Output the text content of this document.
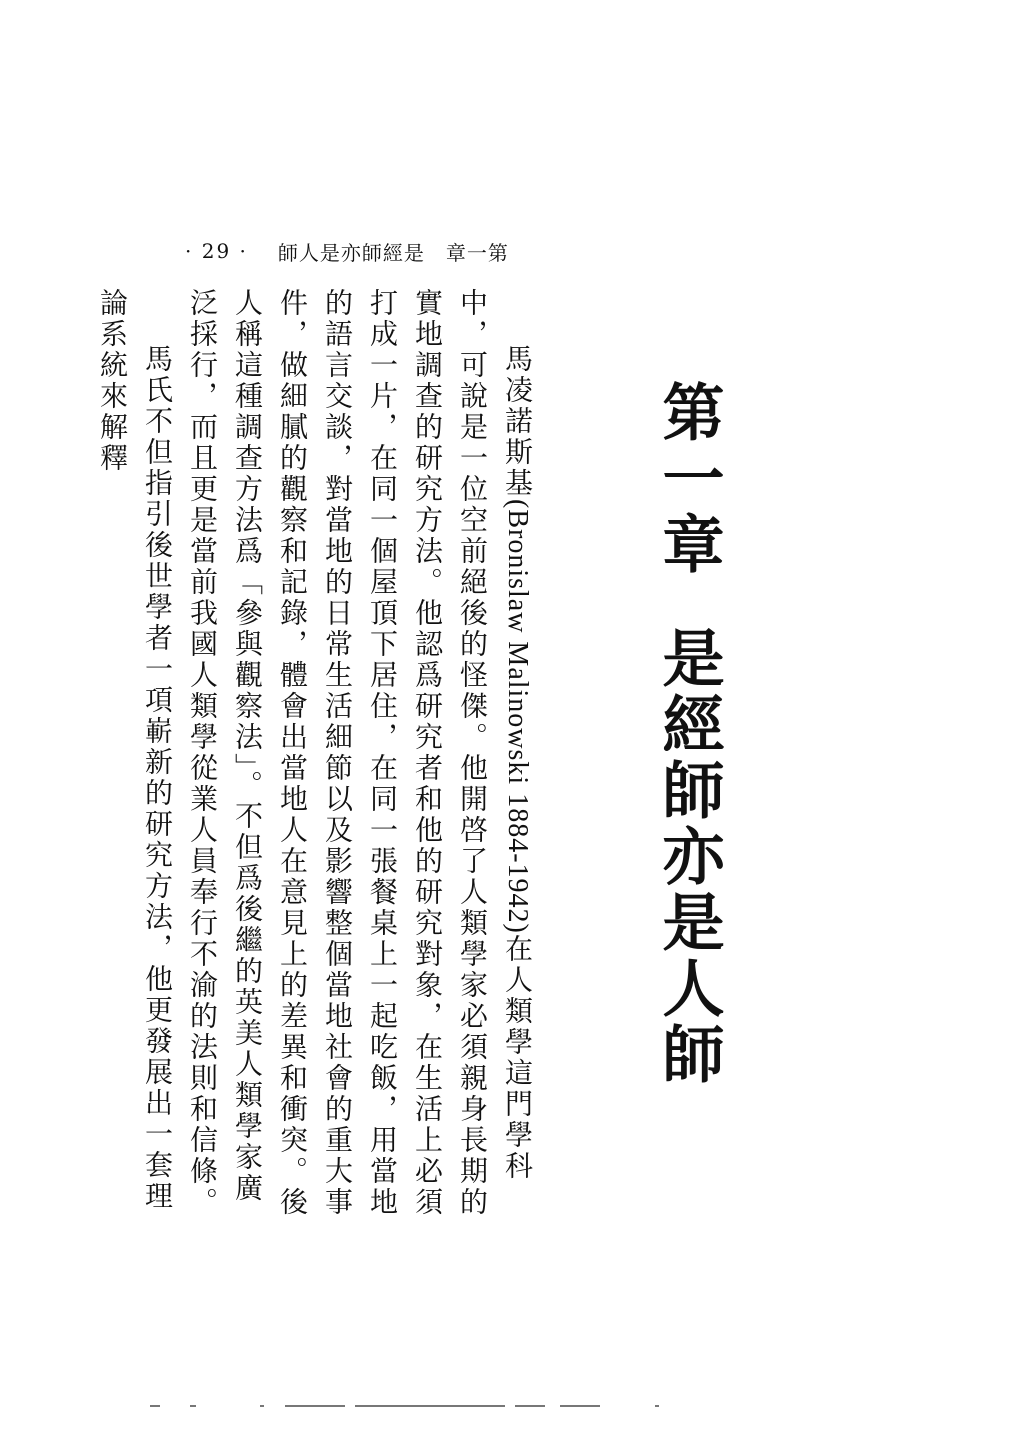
· 29 · 師人是亦師經是　章一第
第一章是經師亦是人師

馬凌諾斯基(Bronislaw Malinowski 1884-1942)在人類學這門學科中，可說是一位空前絕後的怪傑。他開啓了人類學家必須親身長期的實地調查的研究方法。他認爲研究者和他的研究對象，在生活上必須打成一片，在同一個屋頂下居住，在同一張餐桌上一起吃飯，用當地的語言交談，對當地的日常生活細節以及影響整個當地社會的重大事件，做細膩的觀察和記錄，體會出當地人在意見上的差異和衝突。後人稱這種調查方法爲「參與觀察法」。不但爲後繼的英美人類學家廣泛採行，而且更是當前我國人類學從業人員奉行不渝的法則和信條。

馬氏不但指引後世學者一項嶄新的研究方法，他更發展出一套理論系統來解釋
